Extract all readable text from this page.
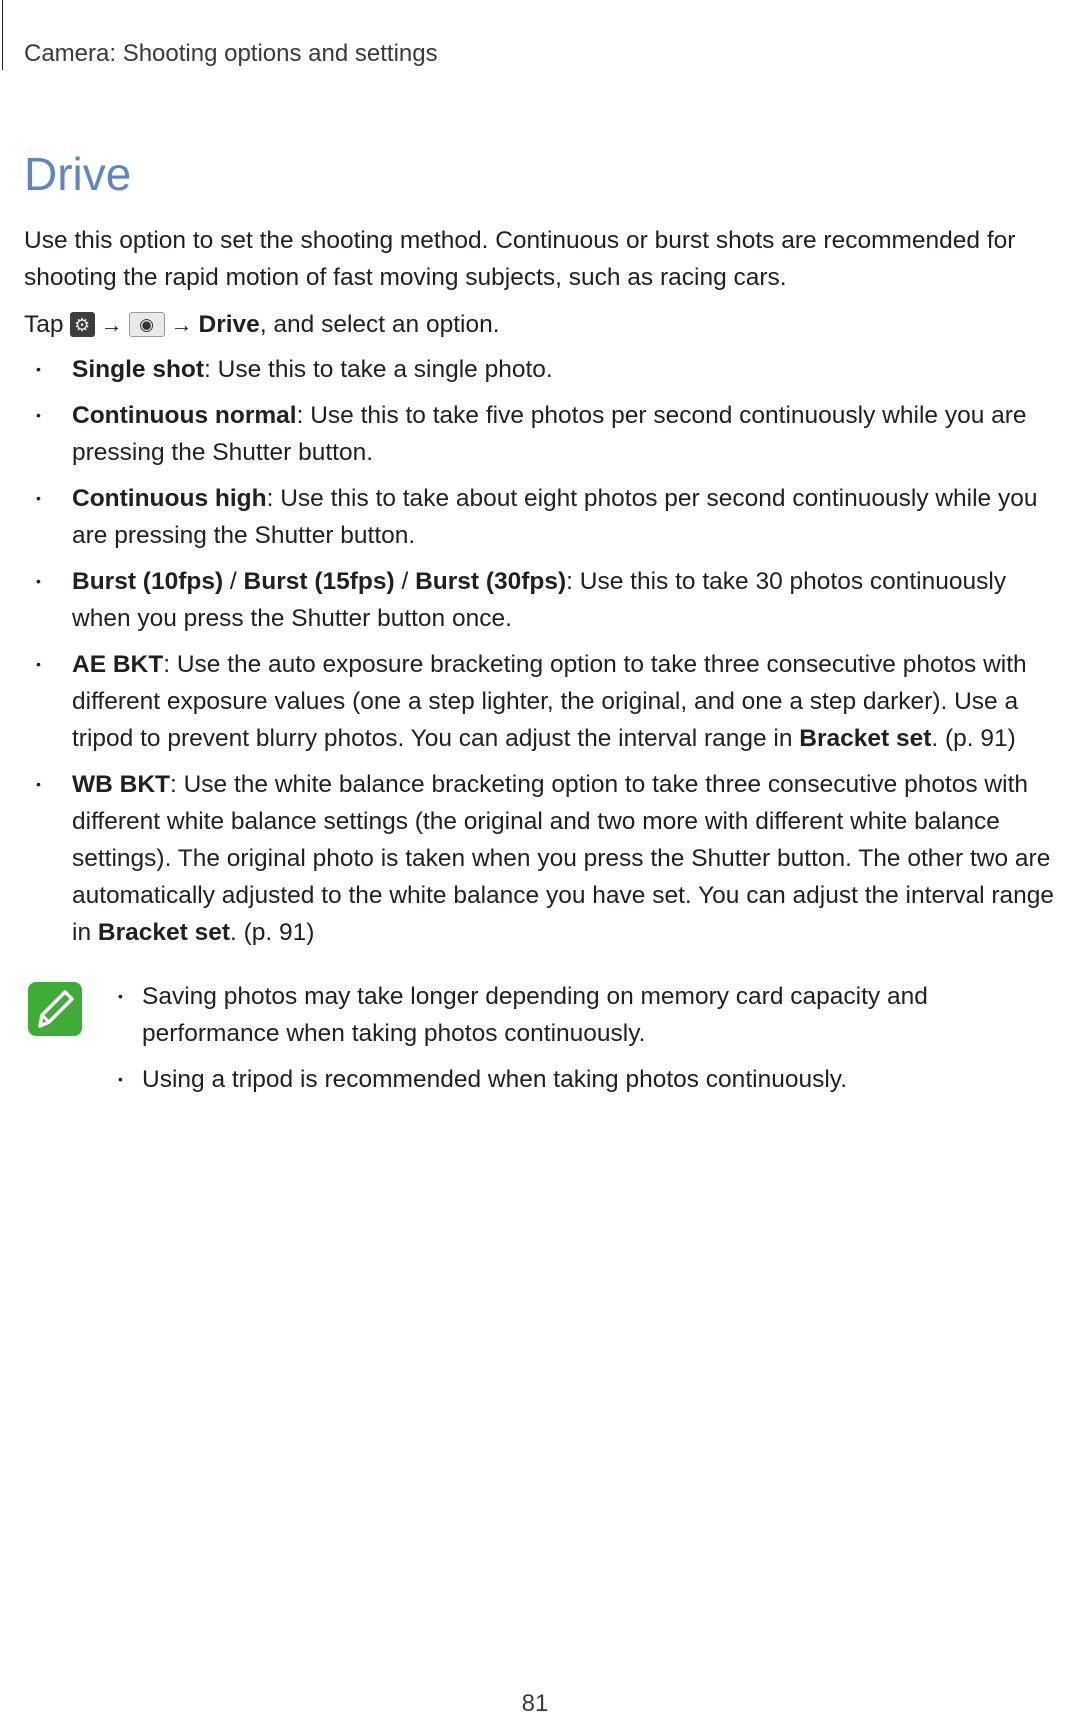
Camera: Shooting options and settings
Drive

Use this option to set the shooting method. Continuous or burst shots are recommended for shooting the rapid motion of fast moving subjects, such as racing cars.

Tap ⚙ → ◉ → Drive, and select an option.

• Single shot: Use this to take a single photo.
• Continuous normal: Use this to take five photos per second continuously while you are pressing the Shutter button.
• Continuous high: Use this to take about eight photos per second continuously while you are pressing the Shutter button.
• Burst (10fps) / Burst (15fps) / Burst (30fps): Use this to take 30 photos continuously when you press the Shutter button once.
• AE BKT: Use the auto exposure bracketing option to take three consecutive photos with different exposure values (one a step lighter, the original, and one a step darker). Use a tripod to prevent blurry photos. You can adjust the interval range in Bracket set. (p. 91)
• WB BKT: Use the white balance bracketing option to take three consecutive photos with different white balance settings (the original and two more with different white balance settings). The original photo is taken when you press the Shutter button. The other two are automatically adjusted to the white balance you have set. You can adjust the interval range in Bracket set. (p. 91)
• Saving photos may take longer depending on memory card capacity and performance when taking photos continuously.
• Using a tripod is recommended when taking photos continuously.
81
